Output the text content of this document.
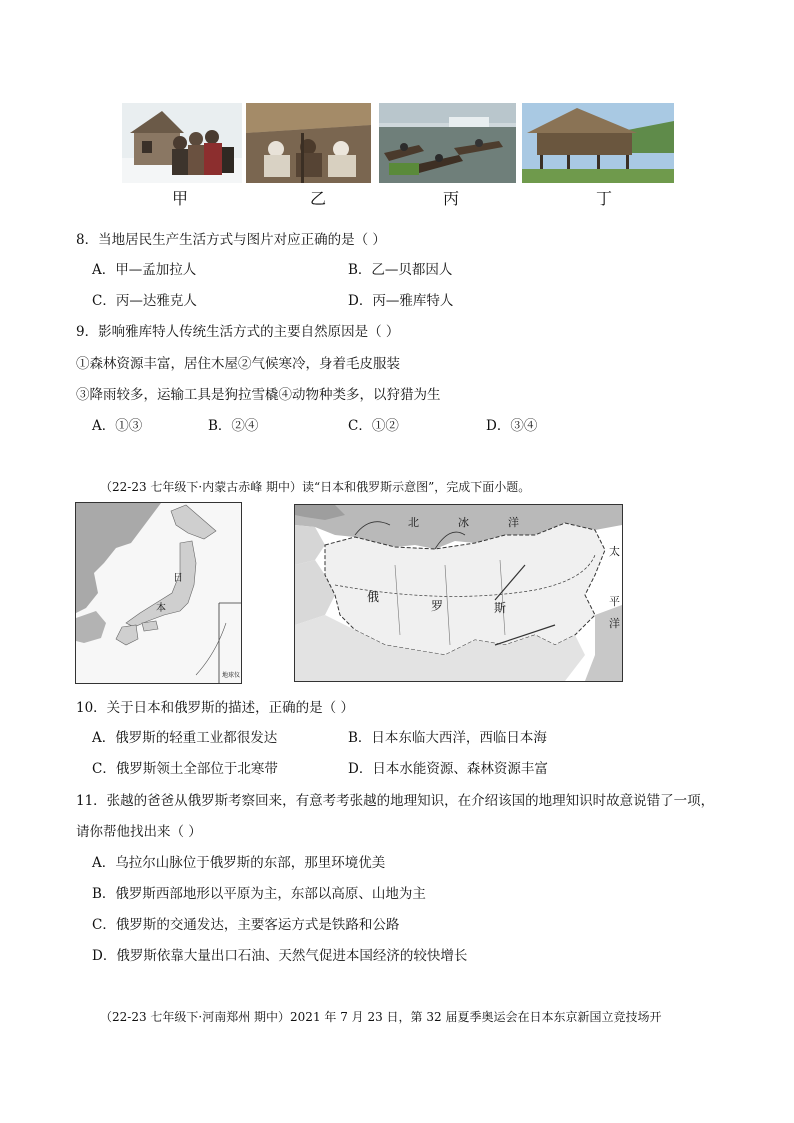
甲	乙	丙	丁
8．当地居民生产生活方式与图片对应正确的是（ ）
A．甲—孟加拉人	B．乙—贝都因人
C．丙—达雅克人	D．丙—雅库特人
9．影响雅库特人传统生活方式的主要自然原因是（ ）
①森林资源丰富，居住木屋②气候寒冷，身着毛皮服装
③降雨较多，运输工具是狗拉雪橇④动物种类多，以狩猎为生
A．①③	B．②④	C．①②	D．③④
（22-23 七年级下·内蒙古赤峰 期中）读“日本和俄罗斯示意图”，完成下面小题。
日
本
地球仪
北	冰	洋
太
平
洋
俄
罗	斯
10．关于日本和俄罗斯的描述，正确的是（ ）
A．俄罗斯的轻重工业都很发达	B．日本东临大西洋，西临日本海
C．俄罗斯领土全部位于北寒带	D．日本水能资源、森林资源丰富
11．张越的爸爸从俄罗斯考察回来，有意考考张越的地理知识，在介绍该国的地理知识时故意说错了一项，
请你帮他找出来（ ）
A．乌拉尔山脉位于俄罗斯的东部，那里环境优美
B．俄罗斯西部地形以平原为主，东部以高原、山地为主
C．俄罗斯的交通发达，主要客运方式是铁路和公路
D．俄罗斯依靠大量出口石油、天然气促进本国经济的较快增长
（22-23 七年级下·河南郑州 期中）2021 年 7 月 23 日，第 32 届夏季奥运会在日本东京新国立竞技场开
